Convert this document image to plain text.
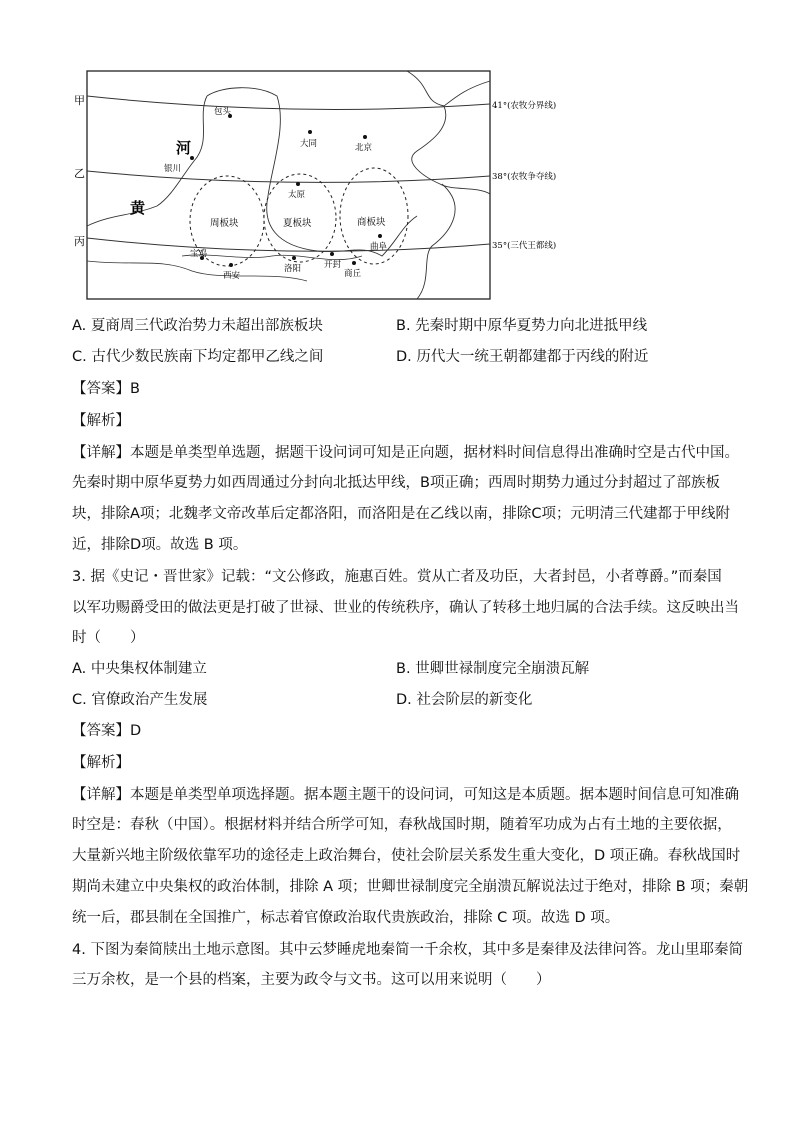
甲
乙
丙
41°(农牧分界线)
38°(农牧争夺线)
35°(三代王都线)
河
黄
包头
大同	北京
银川
太原
曲阜
宝鸡
西安
洛阳	开封
商丘
周板块	夏板块	商板块
A. 夏商周三代政治势力未超出部族板块	B. 先秦时期中原华夏势力向北进抵甲线
C. 古代少数民族南下均定都甲乙线之间	D. 历代大一统王朝都建都于丙线的附近
【答案】B
【解析】
【详解】本题是单类型单选题，据题干设问词可知是正向题，据材料时间信息得出准确时空是古代中国。
先秦时期中原华夏势力如西周通过分封向北抵达甲线，B项正确；西周时期势力通过分封超过了部族板
块，排除A项；北魏孝文帝改革后定都洛阳，而洛阳是在乙线以南，排除C项；元明清三代建都于甲线附
近，排除D项。故选 B 项。
3. 据《史记・晋世家》记载：“文公修政，施惠百姓。赏从亡者及功臣，大者封邑，小者尊爵。”而秦国
以军功赐爵受田的做法更是打破了世禄、世业的传统秩序，确认了转移土地归属的合法手续。这反映出当
时（　　）
A. 中央集权体制建立	B. 世卿世禄制度完全崩溃瓦解
C. 官僚政治产生发展	D. 社会阶层的新变化
【答案】D
【解析】
【详解】本题是单类型单项选择题。据本题主题干的设问词，可知这是本质题。据本题时间信息可知准确
时空是：春秋（中国）。根据材料并结合所学可知，春秋战国时期，随着军功成为占有土地的主要依据，
大量新兴地主阶级依靠军功的途径走上政治舞台，使社会阶层关系发生重大变化，D 项正确。春秋战国时
期尚未建立中央集权的政治体制，排除 A 项；世卿世禄制度完全崩溃瓦解说法过于绝对，排除 B 项；秦朝
统一后，郡县制在全国推广，标志着官僚政治取代贵族政治，排除 C 项。故选 D 项。
4. 下图为秦简牍出土地示意图。其中云梦睡虎地秦简一千余枚，其中多是秦律及法律问答。龙山里耶秦简
三万余枚，是一个县的档案，主要为政令与文书。这可以用来说明（　　）
